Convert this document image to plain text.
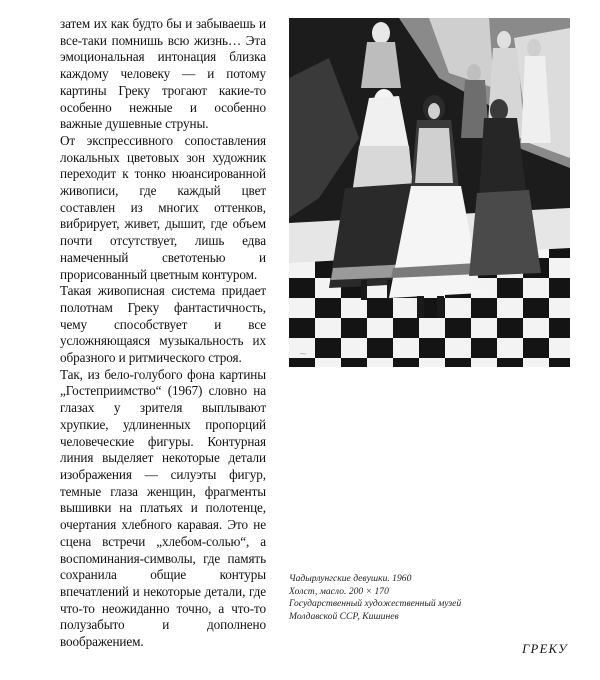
затем их как будто бы и забываешь и все-таки помнишь всю жизнь… Эта эмоциональная интонация близка каждому человеку — и потому картины Греку трогают какие-то особенно нежные и особенно важные душевные струны.

От экспрессивного сопоставления локальных цветовых зон художник переходит к тонко нюансированной живописи, где каждый цвет составлен из многих оттенков, вибрирует, живет, дышит, где объем почти отсутствует, лишь едва намеченный светотенью и прорисованный цветным контуром.

Такая живописная система придает полотнам Греку фантастичность, чему способствует и все усложняющаяся музыкальность их образного и ритмического строя.

Так, из бело-голубого фона картины „Гостеприимство“ (1967) словно на глазах у зрителя выплывают хрупкие, удлиненных пропорций человеческие фигуры. Контурная линия выделяет некоторые детали изображения — силуэты фигур, темные глаза женщин, фрагменты вышивки на платьях и полотенце, очертания хлебного каравая. Это не сцена встречи „хлебом-солью“, а воспоминания-символы, где память сохранила общие контуры впечатлений и некоторые детали, где что-то неожиданно точно, а что-то полузабыто и дополнено воображением.

⁓
Чадырлунгские девушки. 1960
Холст, масло. 200 × 170
Государственный художественный музей
Молдавской ССР, Кишинев
ГРЕКУ
